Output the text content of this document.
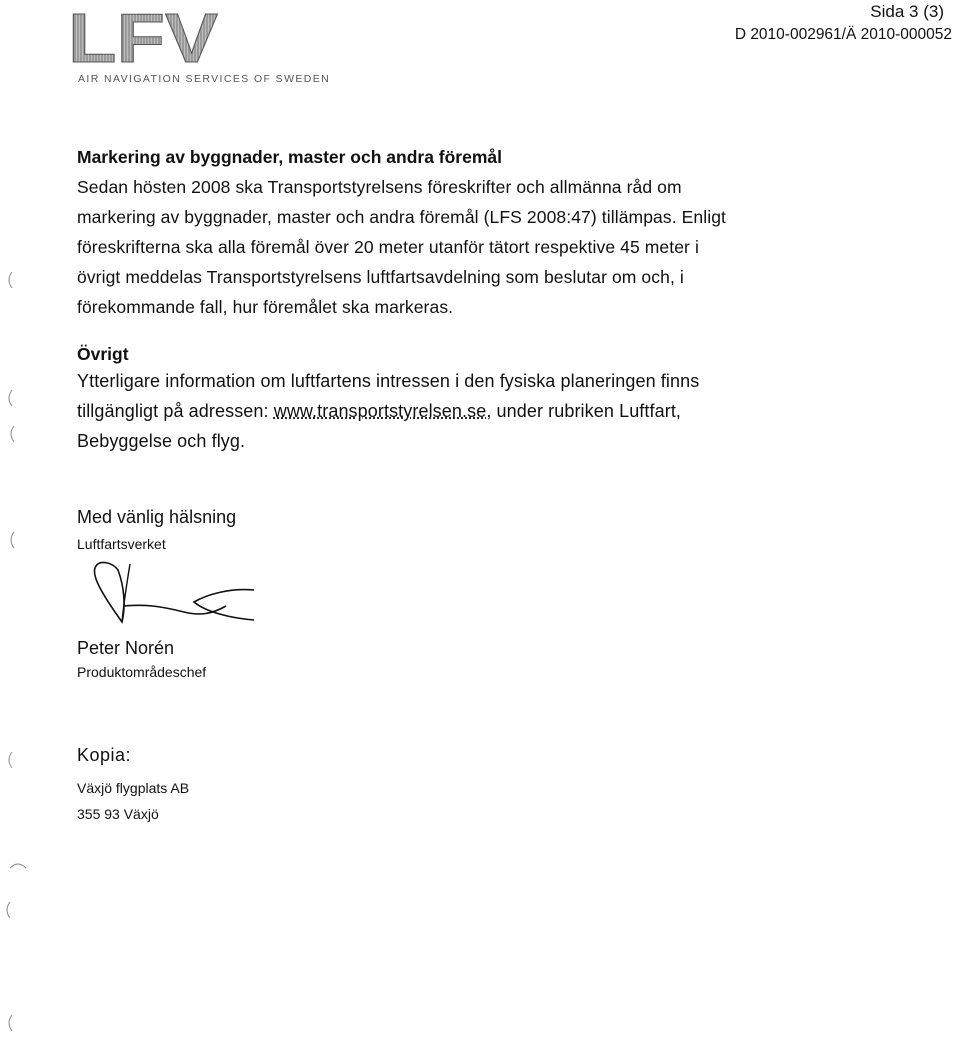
LFV
AIR NAVIGATION SERVICES OF SWEDEN
Sida 3 (3)
D 2010-002961/Ä 2010-000052
Markering av byggnader, master och andra föremål
Sedan hösten 2008 ska Transportstyrelsens föreskrifter och allmänna råd om
markering av byggnader, master och andra föremål (LFS 2008:47) tillämpas. Enligt
föreskrifterna ska alla föremål över 20 meter utanför tätort respektive 45 meter i
övrigt meddelas Transportstyrelsens luftfartsavdelning som beslutar om och, i
förekommande fall, hur föremålet ska markeras.
Övrigt
Ytterligare information om luftfartens intressen i den fysiska planeringen finns
tillgängligt på adressen: www.transportstyrelsen.se, under rubriken Luftfart,
Bebyggelse och flyg.
Med vänlig hälsning
Luftfartsverket
Peter Norén
Produktområdeschef
Kopia:
Växjö flygplats AB
355 93 Växjö
